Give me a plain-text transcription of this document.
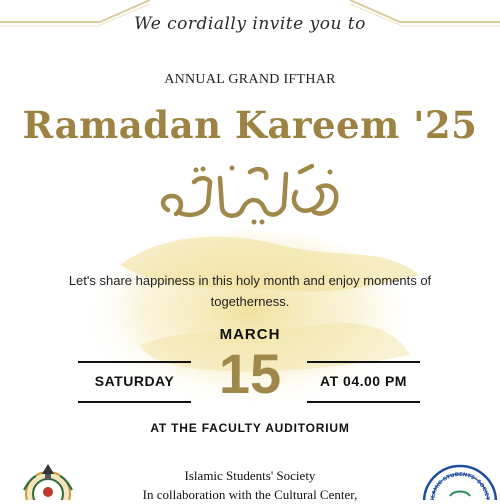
We cordially invite you to
ANNUAL GRAND IFTHAR
Ramadan Kareem '25
Let's share happiness in this holy month and enjoy moments of togetherness.
MARCH
SATURDAY 15	AT 04.00 PM
AT THE FACULTY AUDITORIUM
Islamic Students' Society
In collaboration with the Cultural Center,	LAMIC STUDENTS' SOCIET
